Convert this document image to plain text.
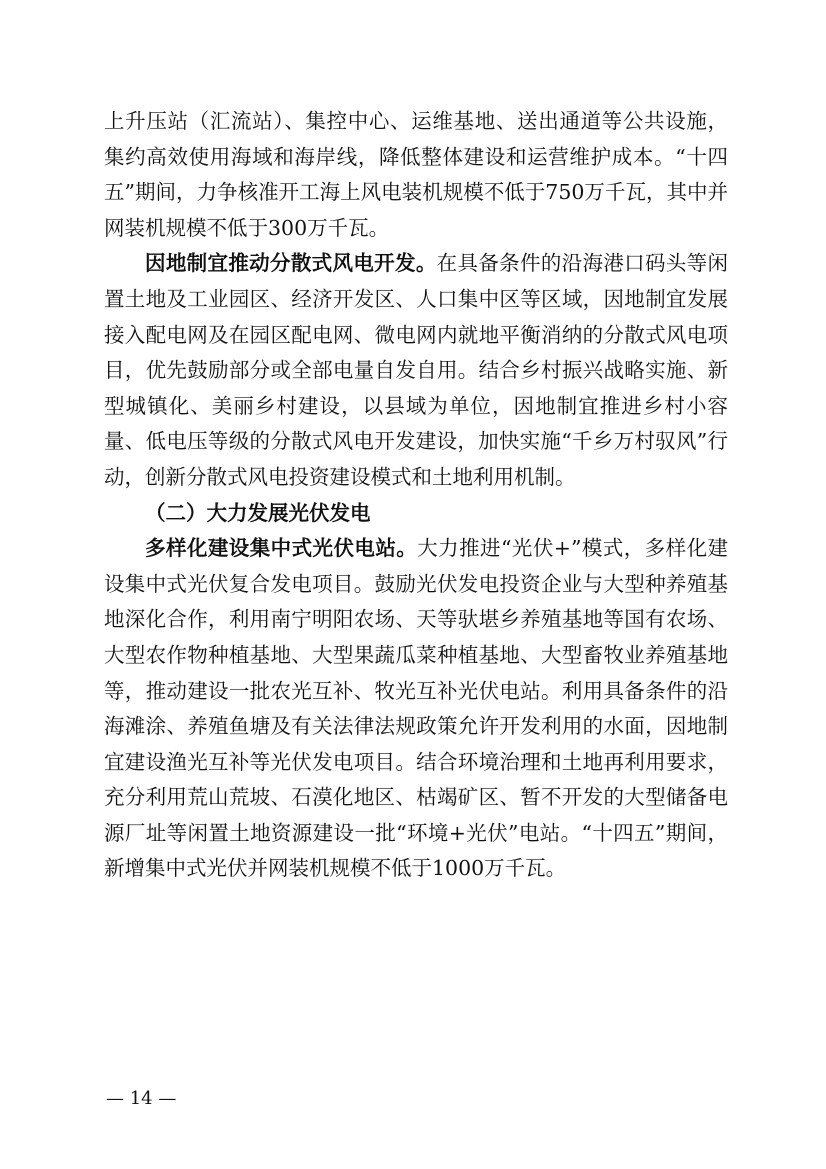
上升压站（汇流站）、集控中心、运维基地、送出通道等公共设施，集约高效使用海域和海岸线，降低整体建设和运营维护成本。“十四五”期间，力争核准开工海上风电装机规模不低于750万千瓦，其中并网装机规模不低于300万千瓦。

因地制宜推动分散式风电开发。在具备条件的沿海港口码头等闲置土地及工业园区、经济开发区、人口集中区等区域，因地制宜发展接入配电网及在园区配电网、微电网内就地平衡消纳的分散式风电项目，优先鼓励部分或全部电量自发自用。结合乡村振兴战略实施、新型城镇化、美丽乡村建设，以县域为单位，因地制宜推进乡村小容量、低电压等级的分散式风电开发建设，加快实施“千乡万村驭风”行动，创新分散式风电投资建设模式和土地利用机制。

（二）大力发展光伏发电

多样化建设集中式光伏电站。大力推进“光伏+”模式，多样化建设集中式光伏复合发电项目。鼓励光伏发电投资企业与大型种养殖基地深化合作，利用南宁明阳农场、天等驮堪乡养殖基地等国有农场、大型农作物种植基地、大型果蔬瓜菜种植基地、大型畜牧业养殖基地等，推动建设一批农光互补、牧光互补光伏电站。利用具备条件的沿海滩涂、养殖鱼塘及有关法律法规政策允许开发利用的水面，因地制宜建设渔光互补等光伏发电项目。结合环境治理和土地再利用要求，充分利用荒山荒坡、石漠化地区、枯竭矿区、暂不开发的大型储备电源厂址等闲置土地资源建设一批“环境+光伏”电站。“十四五”期间，新增集中式光伏并网装机规模不低于1000万千瓦。

— 14 —
